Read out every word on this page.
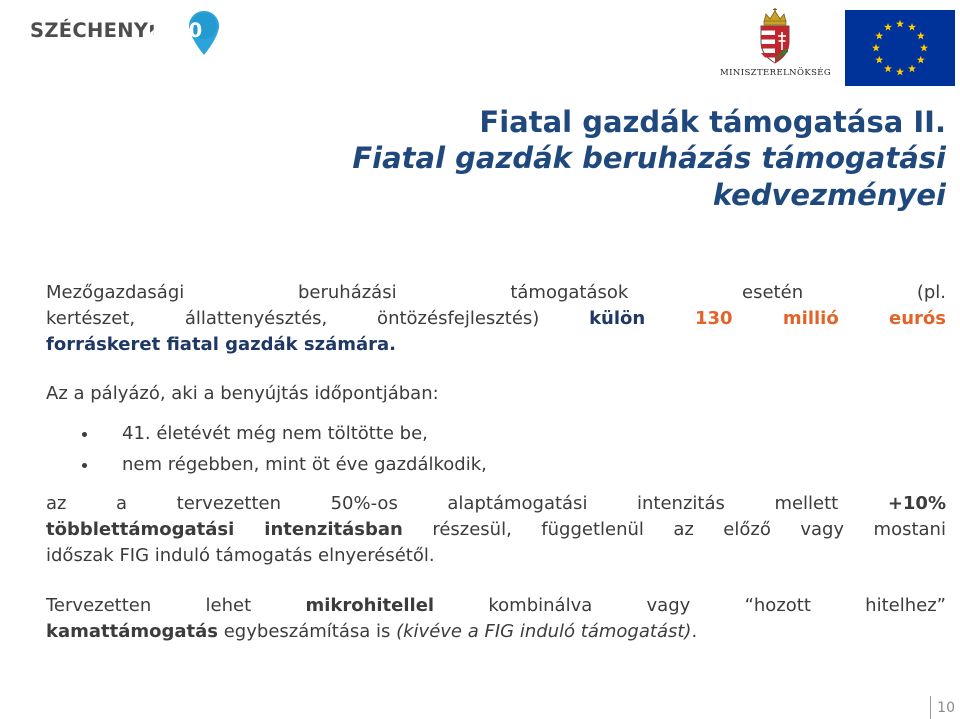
SZÉCHENYI
2020
MINISZTERELNÖKSÉG
Fiatal gazdák támogatása II.
Fiatal gazdák beruházás támogatási
kedvezményei
Mezőgazdasági beruházási támogatások esetén (pl.
kertészet, állattenyésztés, öntözésfejlesztés)	külön	130 millió eurós
forráskeret fiatal gazdák számára.
Az a pályázó, aki a benyújtás időpontjában:
41. életévét még nem töltötte be,
nem régebben, mint öt éve gazdálkodik,
az a tervezetten 50%-os alaptámogatási intenzitás mellett	+10%
többlettámogatási intenzitásban részesül, függetlenül az előző vagy mostani
időszak FIG induló támogatás elnyerésétől.
Tervezetten lehet	mikrohitellel	kombinálva vagy “hozott hitelhez”
kamattámogatás egybeszámítása is (kivéve a FIG induló támogatást).
10
